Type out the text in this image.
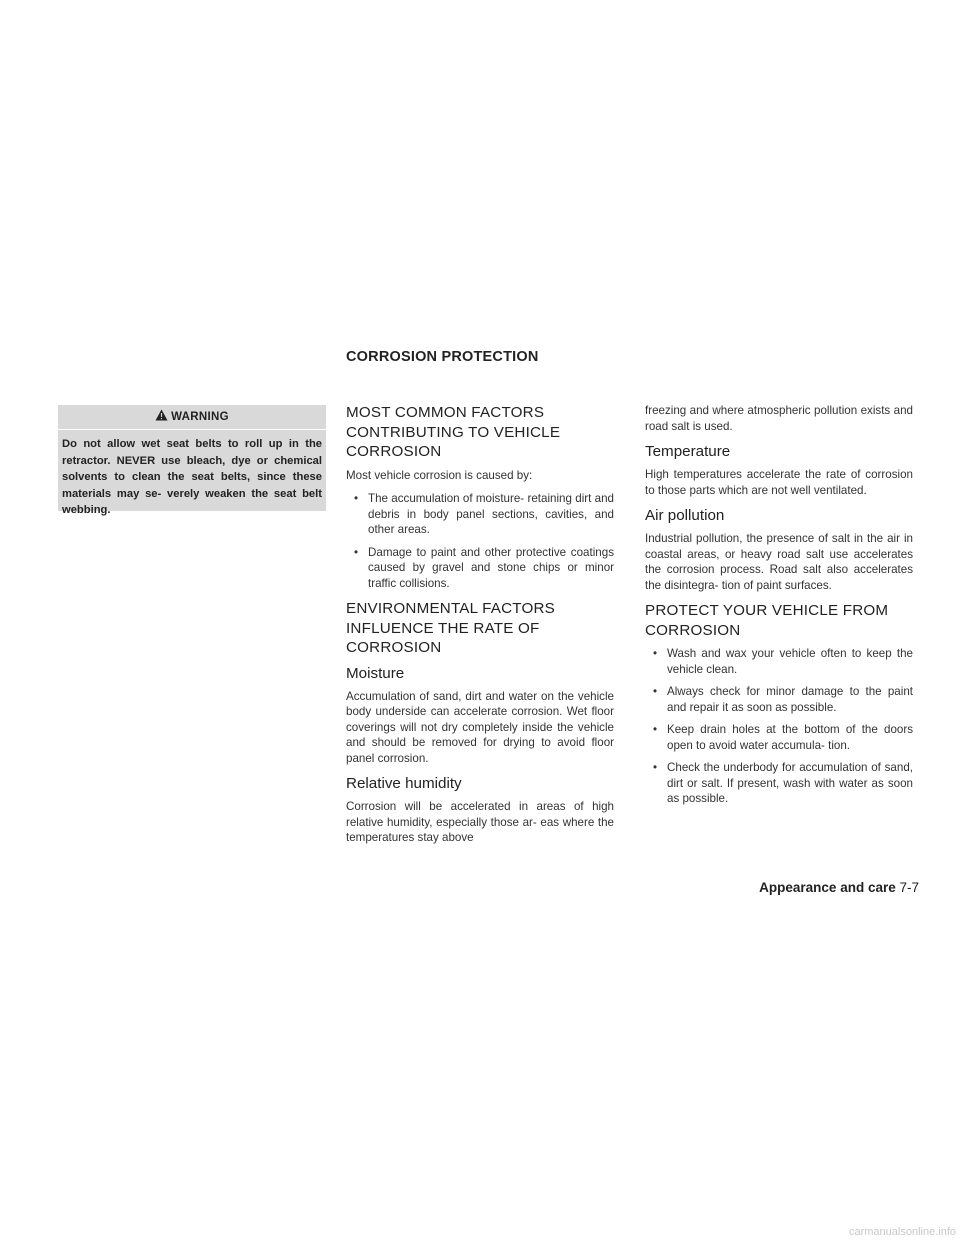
CORROSION PROTECTION
WARNING
Do not allow wet seat belts to roll up in the retractor. NEVER use bleach, dye or chemical solvents to clean the seat belts, since these materials may se- verely weaken the seat belt webbing.
MOST COMMON FACTORS CONTRIBUTING TO VEHICLE CORROSION

Most vehicle corrosion is caused by:

• The accumulation of moisture- retaining dirt and debris in body panel sections, cavities, and other areas.
• Damage to paint and other protective coatings caused by gravel and stone chips or minor traffic collisions.
ENVIRONMENTAL FACTORS INFLUENCE THE RATE OF CORROSION
Moisture

Accumulation of sand, dirt and water on the vehicle body underside can accelerate corrosion. Wet floor coverings will not dry completely inside the vehicle and should be removed for drying to avoid floor panel corrosion.

Relative humidity

Corrosion will be accelerated in areas of high relative humidity, especially those ar- eas where the temperatures stay above

freezing and where atmospheric pollution exists and road salt is used.

Temperature

High temperatures accelerate the rate of corrosion to those parts which are not well ventilated.

Air pollution

Industrial pollution, the presence of salt in the air in coastal areas, or heavy road salt use accelerates the corrosion process. Road salt also accelerates the disintegra- tion of paint surfaces.

PROTECT YOUR VEHICLE FROM CORROSION
• Wash and wax your vehicle often to keep the vehicle clean.
• Always check for minor damage to the paint and repair it as soon as possible.
• Keep drain holes at the bottom of the doors open to avoid water accumula- tion.
• Check the underbody for accumulation of sand, dirt or salt. If present, wash with water as soon as possible.
Appearance and care 7-7
carmanualsonline.info
